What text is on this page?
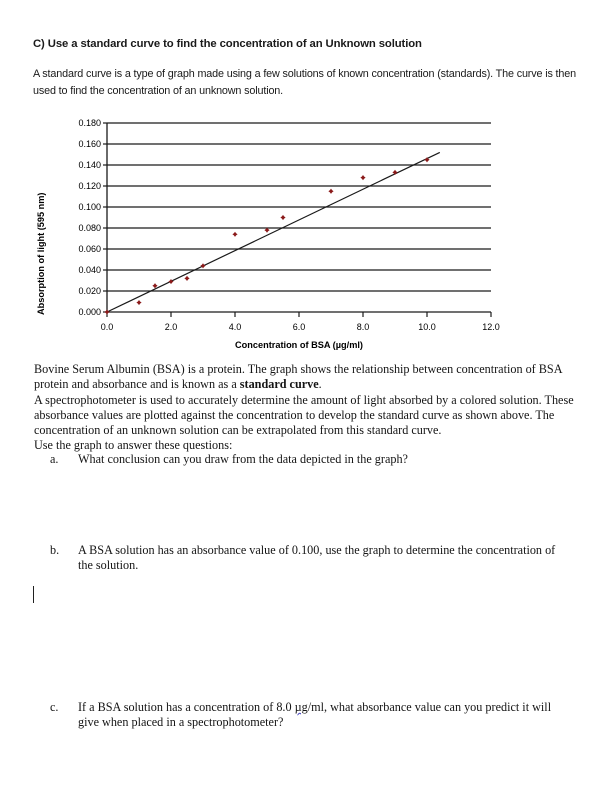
C) Use a standard curve to find the concentration of an Unknown solution
A standard curve is a type of graph made using a few solutions of known concentration (standards). The curve is then used to find the concentration of an unknown solution.
Absorption of light (595 nm)
0.180
0.160
0.140
0.120
0.100
0.080
0.060
0.040
0.020
0.000
0.0	2.0	4.0	6.0	8.0	10.0	12.0
Concentration of BSA (µg/ml)

Bovine Serum Albumin (BSA) is a protein. The graph shows the relationship between concentration of BSA protein and absorbance and is known as a standard curve.

A spectrophotometer is used to accurately determine the amount of light absorbed by a colored solution. These absorbance values are plotted against the concentration to develop the standard curve as shown above. The concentration of an unknown solution can be extrapolated from this standard curve.

Use the graph to answer these questions:

a.	What conclusion can you draw from the data depicted in the graph?
b.	A BSA solution has an absorbance value of 0.100, use the graph to determine the concentration of the solution.
c.	If a BSA solution has a concentration of 8.0 µg/ml, what absorbance value can you predict it will give when placed in a spectrophotometer?
